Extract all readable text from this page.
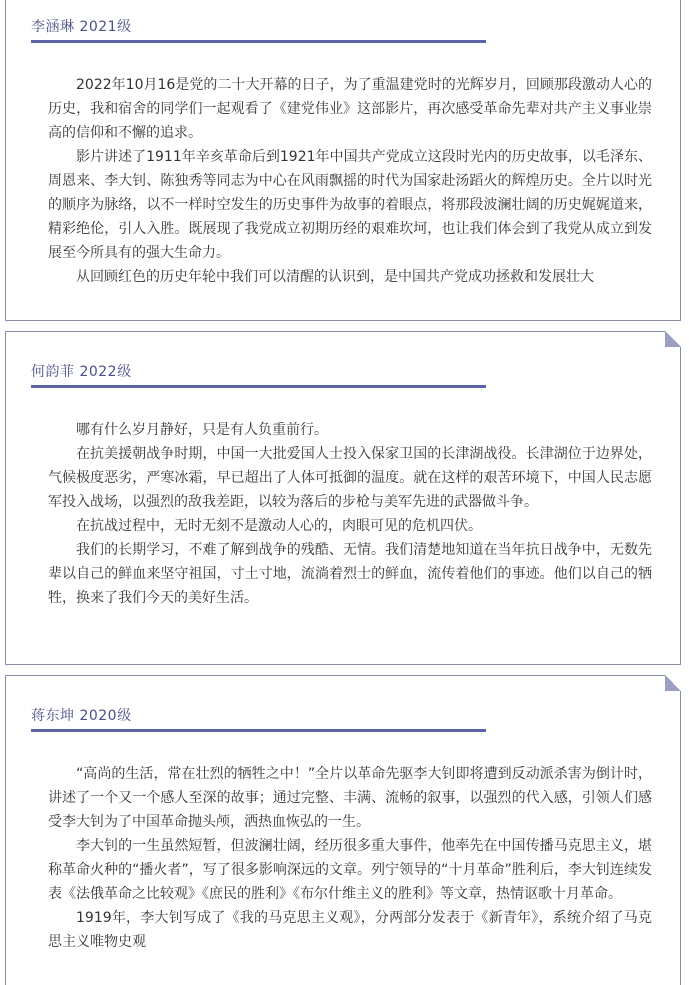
李涵琳 2021级

2022年10月16是党的二十大开幕的日子，为了重温建党时的光辉岁月，回顾那段激动人心的历史，我和宿舍的同学们一起观看了《建党伟业》这部影片，再次感受革命先辈对共产主义事业崇高的信仰和不懈的追求。

影片讲述了1911年辛亥革命后到1921年中国共产党成立这段时光内的历史故事，以毛泽东、周恩来、李大钊、陈独秀等同志为中心在风雨飘摇的时代为国家赴汤蹈火的辉煌历史。全片以时光的顺序为脉络，以不一样时空发生的历史事件为故事的着眼点，将那段波澜壮阔的历史娓娓道来，精彩绝伦，引人入胜。既展现了我党成立初期历经的艰难坎坷，也让我们体会到了我党从成立到发展至今所具有的强大生命力。

从回顾红色的历史年轮中我们可以清醒的认识到，是中国共产党成功拯救和发展壮大

何韵菲 2022级

哪有什么岁月静好，只是有人负重前行。

在抗美援朝战争时期，中国一大批爱国人士投入保家卫国的长津湖战役。长津湖位于边界处，气候极度恶劣，严寒冰霜，早已超出了人体可抵御的温度。就在这样的艰苦环境下，中国人民志愿军投入战场，以强烈的敌我差距，以较为落后的步枪与美军先进的武器做斗争。

在抗战过程中，无时无刻不是激动人心的，肉眼可见的危机四伏。

我们的长期学习，不难了解到战争的残酷、无情。我们清楚地知道在当年抗日战争中，无数先辈以自己的鲜血来坚守祖国，寸土寸地，流淌着烈士的鲜血，流传着他们的事迹。他们以自己的牺牲，换来了我们今天的美好生活。

蒋东坤 2020级

“高尚的生活，常在壮烈的牺牲之中！”全片以革命先驱李大钊即将遭到反动派杀害为倒计时，讲述了一个又一个感人至深的故事；通过完整、丰满、流畅的叙事，以强烈的代入感，引领人们感受李大钊为了中国革命抛头颅，洒热血恢弘的一生。

李大钊的一生虽然短暂，但波澜壮阔，经历很多重大事件，他率先在中国传播马克思主义，堪称革命火种的“播火者”，写了很多影响深远的文章。列宁领导的“十月革命”胜利后，李大钊连续发表《法俄革命之比较观》《庶民的胜利》《布尔什维主义的胜利》等文章，热情讴歌十月革命。

1919年，李大钊写成了《我的马克思主义观》，分两部分发表于《新青年》，系统介绍了马克思主义唯物史观
